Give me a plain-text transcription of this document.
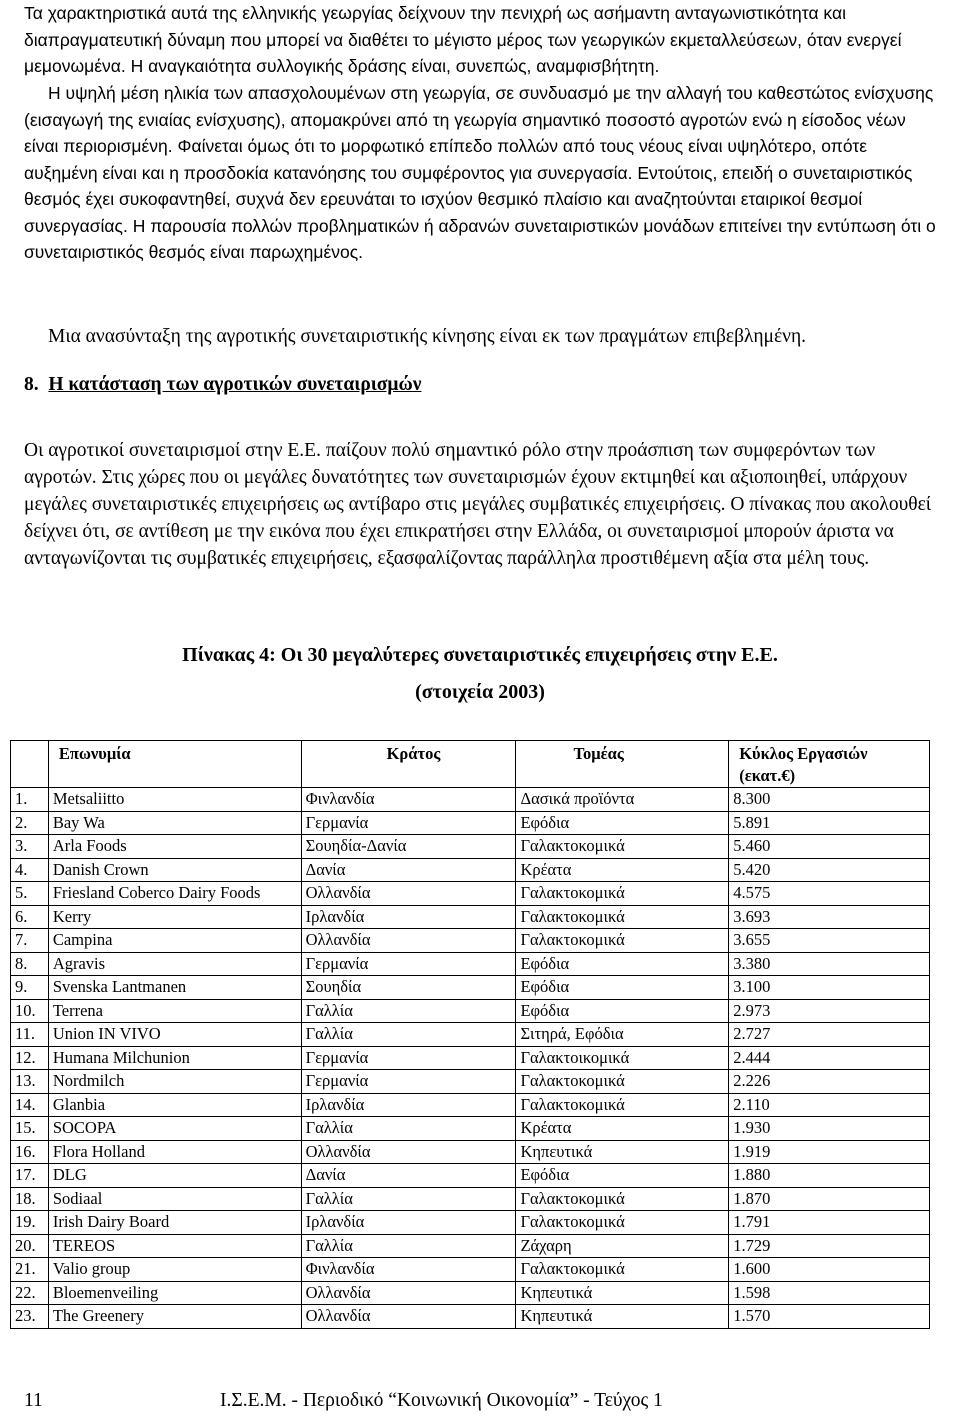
Τα χαρακτηριστικά αυτά της ελληνικής γεωργίας δείχνουν την πενιχρή ως ασήμαντη ανταγωνιστικότητα και διαπραγματευτική δύναμη που μπορεί να διαθέτει το μέγιστο μέρος των γεωργικών εκμεταλλεύσεων, όταν ενεργεί μεμονωμένα. Η αναγκαιότητα συλλογικής δράσης είναι, συνεπώς, αναμφισβήτητη.

Η υψηλή μέση ηλικία των απασχολουμένων στη γεωργία, σε συνδυασμό με την αλλαγή του καθεστώτος ενίσχυσης (εισαγωγή της ενιαίας ενίσχυσης), απομακρύνει από τη γεωργία σημαντικό ποσοστό αγροτών ενώ η είσοδος νέων είναι περιορισμένη. Φαίνεται όμως ότι το μορφωτικό επίπεδο πολλών από τους νέους είναι υψηλότερο, οπότε αυξημένη είναι και η προσδοκία κατανόησης του συμφέροντος για συνεργασία. Εντούτοις, επειδή ο συνεταιριστικός θεσμός έχει συκοφαντηθεί, συχνά δεν ερευνάται το ισχύον θεσμικό πλαίσιο και αναζητούνται εταιρικοί θεσμοί συνεργασίας. Η παρουσία πολλών προβληματικών ή αδρανών συνεταιριστικών μονάδων επιτείνει την εντύπωση ότι ο συνεταιριστικός θεσμός είναι παρωχημένος.

Μια ανασύνταξη της αγροτικής συνεταιριστικής κίνησης είναι εκ των πραγμάτων επιβεβλημένη.

8. Η κατάσταση των αγροτικών συνεταιρισμών

Οι αγροτικοί συνεταιρισμοί στην Ε.Ε. παίζουν πολύ σημαντικό ρόλο στην προάσπιση των συμφερόντων των αγροτών. Στις χώρες που οι μεγάλες δυνατότητες των συνεταιρισμών έχουν εκτιμηθεί και αξιοποιηθεί, υπάρχουν μεγάλες συνεταιριστικές επιχειρήσεις ως αντίβαρο στις μεγάλες συμβατικές επιχειρήσεις. Ο πίνακας που ακολουθεί δείχνει ότι, σε αντίθεση με την εικόνα που έχει επικρατήσει στην Ελλάδα, οι συνεταιρισμοί μπορούν άριστα να ανταγωνίζονται τις συμβατικές επιχειρήσεις, εξασφαλίζοντας παράλληλα προστιθέμενη αξία στα μέλη τους.

Πίνακας 4: Οι 30 μεγαλύτερες συνεταιριστικές επιχειρήσεις στην Ε.Ε.
(στοιχεία 2003)
	Επωνυμία	Κράτος	Τομέας	Κύκλος Εργασιών (εκατ.€)
1.	Metsaliitto	Φινλανδία	Δασικά προϊόντα	8.300
2.	Bay Wa	Γερμανία	Εφόδια	5.891
3.	Arla Foods	Σουηδία-Δανία	Γαλακτοκομικά	5.460
4.	Danish Crown	Δανία	Κρέατα	5.420
5.	Friesland Coberco Dairy Foods	Ολλανδία	Γαλακτοκομικά	4.575
6.	Kerry	Ιρλανδία	Γαλακτοκομικά	3.693
7.	Campina	Ολλανδία	Γαλακτοκομικά	3.655
8.	Agravis	Γερμανία	Εφόδια	3.380
9.	Svenska Lantmanen	Σουηδία	Εφόδια	3.100
10.	Terrena	Γαλλία	Εφόδια	2.973
11.	Union IN VIVO	Γαλλία	Σιτηρά, Εφόδια	2.727
12.	Humana Milchunion	Γερμανία	Γαλακτοικομικά	2.444
13.	Nordmilch	Γερμανία	Γαλακτοκομικά	2.226
14.	Glanbia	Ιρλανδία	Γαλακτοκομικά	2.110
15.	SOCOPA	Γαλλία	Κρέατα	1.930
16.	Flora Holland	Ολλανδία	Κηπευτικά	1.919
17.	DLG	Δανία	Εφόδια	1.880
18.	Sodiaal	Γαλλία	Γαλακτοκομικά	1.870
19.	Irish Dairy Board	Ιρλανδία	Γαλακτοκομικά	1.791
20.	TEREOS	Γαλλία	Ζάχαρη	1.729
21.	Valio group	Φινλανδία	Γαλακτοκομικά	1.600
22.	Bloemenveiling	Ολλανδία	Κηπευτικά	1.598
23.	The Greenery	Ολλανδία	Κηπευτικά	1.570
11	Ι.Σ.Ε.Μ. - Περιοδικό “Κοινωνική Οικονομία” - Τεύχος 1
